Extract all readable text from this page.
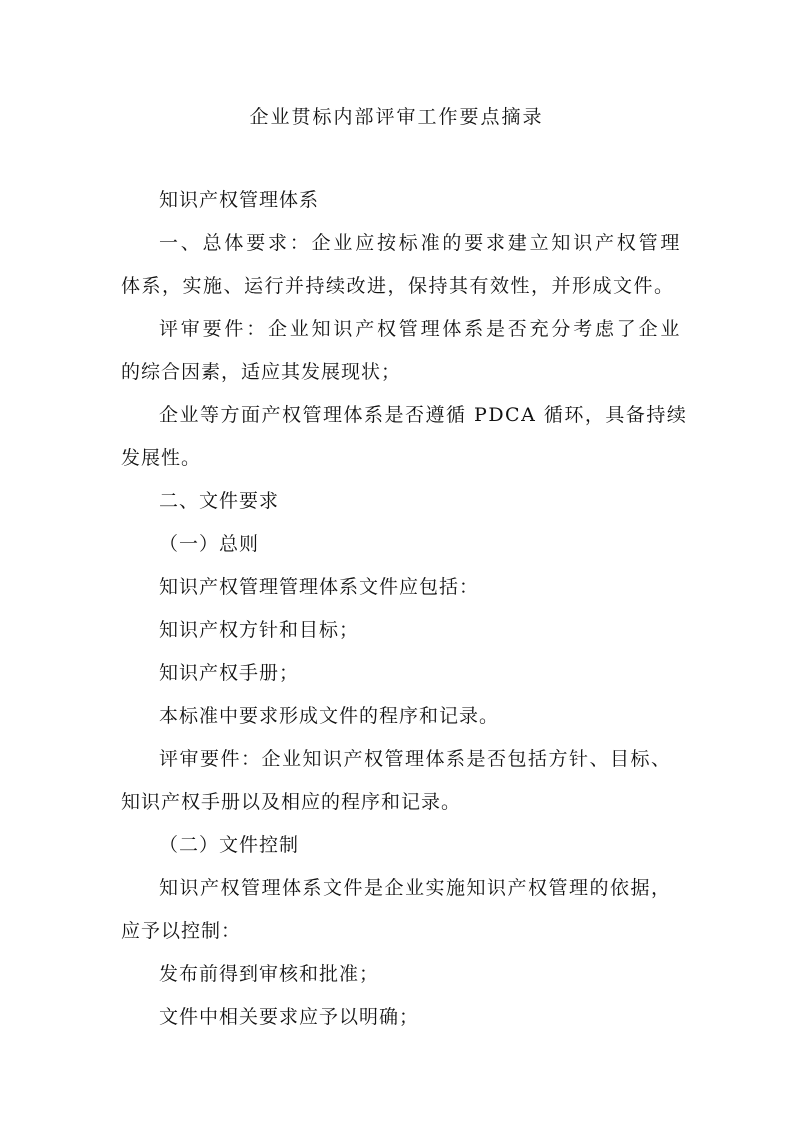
企业贯标内部评审工作要点摘录
知识产权管理体系
一、总体要求：企业应按标准的要求建立知识产权管理
体系，实施、运行并持续改进，保持其有效性，并形成文件。
评审要件：企业知识产权管理体系是否充分考虑了企业
的综合因素，适应其发展现状；
企业等方面产权管理体系是否遵循 PDCA 循环，具备持续
发展性。
二、文件要求
（一）总则
知识产权管理管理体系文件应包括：
知识产权方针和目标；
知识产权手册；
本标准中要求形成文件的程序和记录。
评审要件：企业知识产权管理体系是否包括方针、目标、
知识产权手册以及相应的程序和记录。
（二）文件控制
知识产权管理体系文件是企业实施知识产权管理的依据，
应予以控制：
发布前得到审核和批准；
文件中相关要求应予以明确；
